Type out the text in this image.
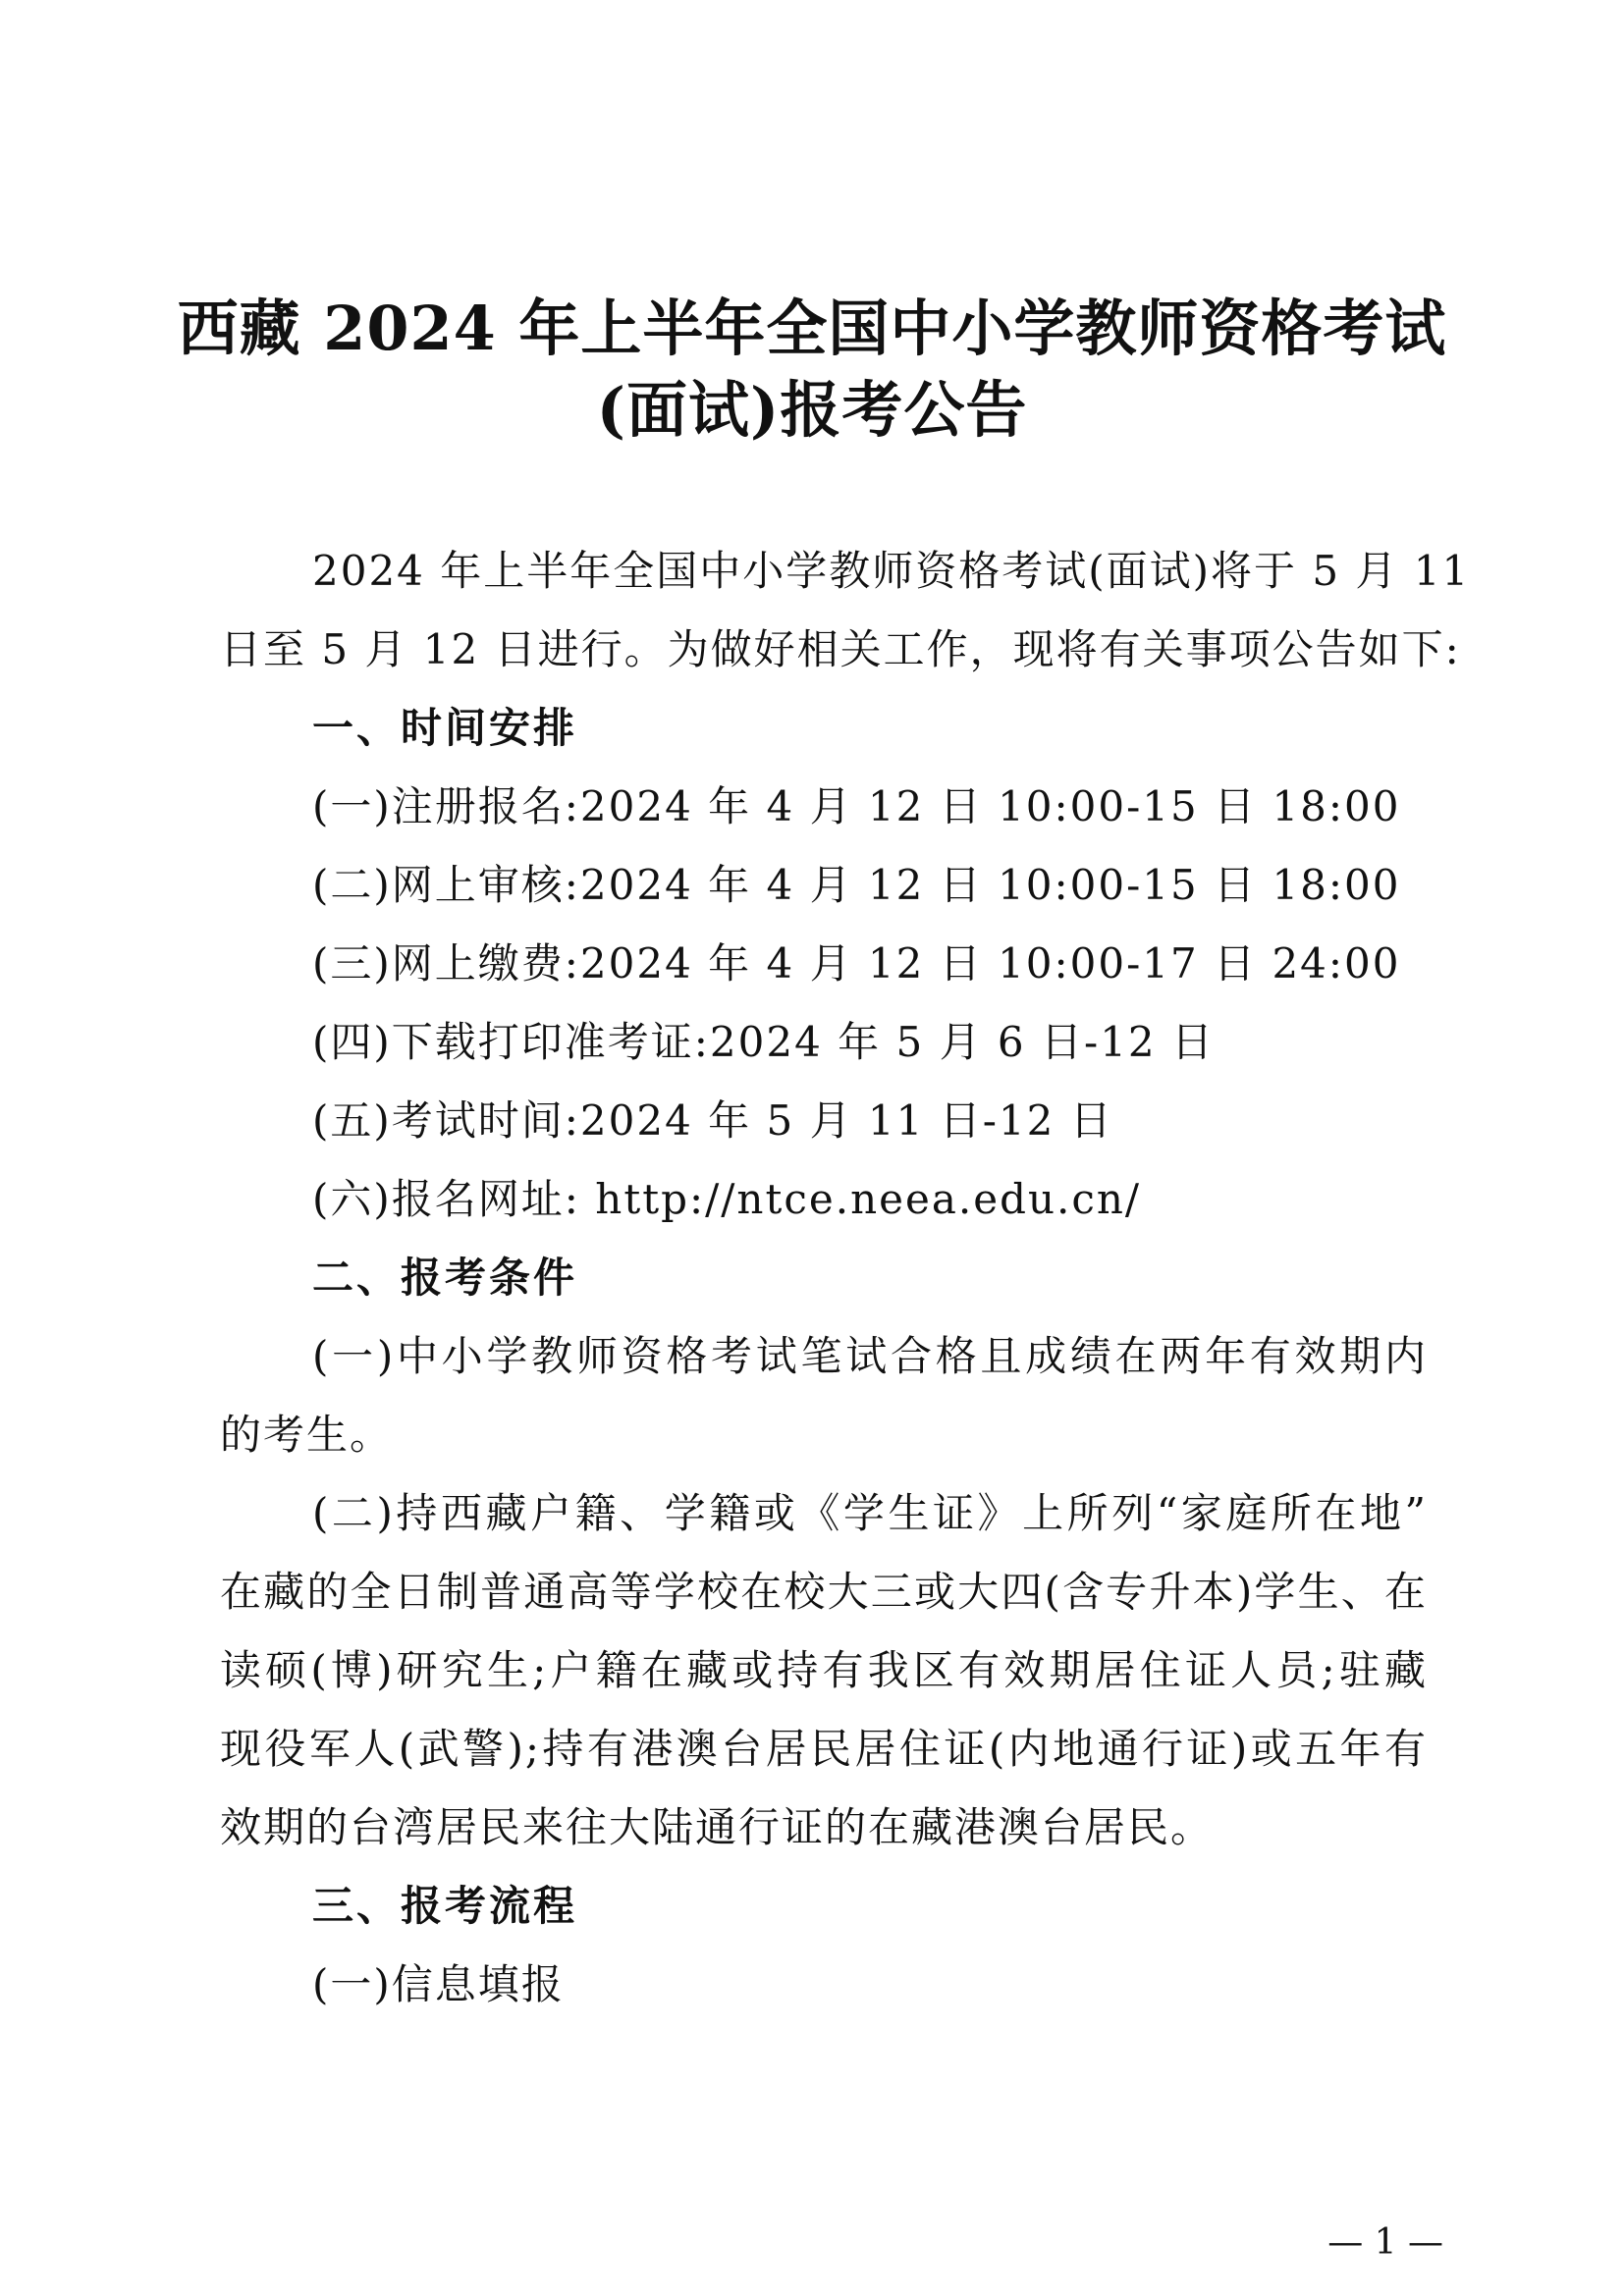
西藏 2024 年上半年全国中小学教师资格考试
(面试)报考公告
2024 年上半年全国中小学教师资格考试(面试)将于 5 月 11
日至 5 月 12 日进行。为做好相关工作，现将有关事项公告如下:
一、时间安排
(一)注册报名:2024 年 4 月 12 日 10:00-15 日 18:00
(二)网上审核:2024 年 4 月 12 日 10:00-15 日 18:00
(三)网上缴费:2024 年 4 月 12 日 10:00-17 日 24:00
(四)下载打印准考证:2024 年 5 月 6 日-12 日
(五)考试时间:2024 年 5 月 11 日-12 日
(六)报名网址: http://ntce.neea.edu.cn/
二、报考条件
(一)中小学教师资格考试笔试合格且成绩在两年有效期内
的考生。
(二)持西藏户籍、学籍或《学生证》上所列“家庭所在地”
在藏的全日制普通高等学校在校大三或大四(含专升本)学生、在
读硕(博)研究生;户籍在藏或持有我区有效期居住证人员;驻藏
现役军人(武警);持有港澳台居民居住证(内地通行证)或五年有
效期的台湾居民来往大陆通行证的在藏港澳台居民。
三、报考流程
(一)信息填报
— 1 —
